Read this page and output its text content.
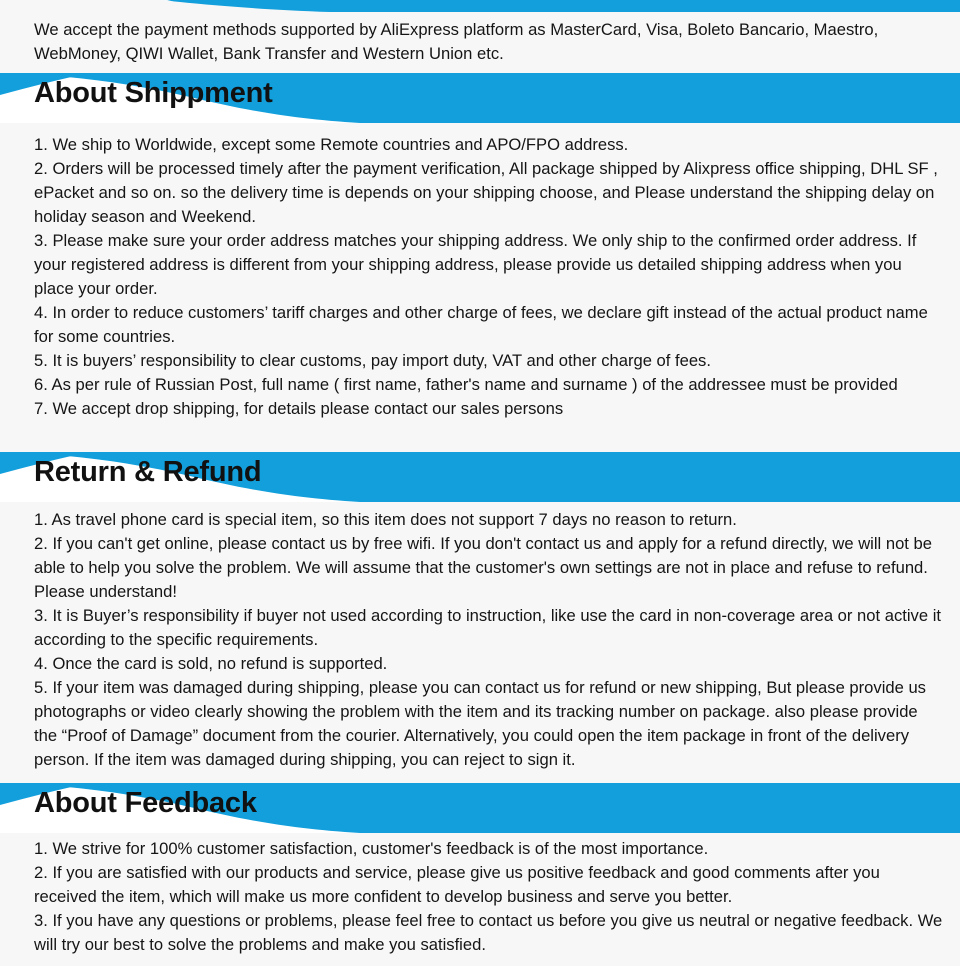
We accept the payment methods supported by AliExpress platform as MasterCard, Visa, Boleto Bancario, Maestro, WebMoney, QIWI Wallet, Bank Transfer and Western Union etc.

About Shippment

1. We ship to Worldwide, except some Remote countries and APO/FPO address.

2. Orders will be processed timely after the payment verification, All package shipped by Alixpress office shipping, DHL SF , ePacket and so on. so the delivery time is depends on your shipping choose, and Please understand the shipping delay on holiday season and Weekend.

3. Please make sure your order address matches your shipping address. We only ship to the confirmed order address. If your registered address is different from your shipping address, please provide us detailed shipping address when you place your order.

4. In order to reduce customers’ tariff charges and other charge of fees, we declare gift instead of the actual product name for some countries.

5. It is buyers’ responsibility to clear customs, pay import duty, VAT and other charge of fees.

6. As per rule of Russian Post, full name ( first name, father's name and surname ) of the addressee must be provided

7. We accept drop shipping, for details please contact our sales persons

Return & Refund

1. As travel phone card is special item, so this item does not support 7 days no reason to return.

2. If you can't get online, please contact us by free wifi. If you don't contact us and apply for a refund directly, we will not be able to help you solve the problem. We will assume that the customer's own settings are not in place and refuse to refund. Please understand!

3. It is Buyer’s responsibility if buyer not used according to instruction, like use the card in non-coverage area or not active it according to the specific requirements.

4. Once the card is sold, no refund is supported.

5. If your item was damaged during shipping, please you can contact us for refund or new shipping, But please provide us photographs or video clearly showing the problem with the item and its tracking number on package. also please provide the “Proof of Damage” document from the courier. Alternatively, you could open the item package in front of the delivery person. If the item was damaged during shipping, you can reject to sign it.

About Feedback

1. We strive for 100% customer satisfaction, customer's feedback is of the most importance.

2. If you are satisfied with our products and service, please give us positive feedback and good comments after you received the item, which will make us more confident to develop business and serve you better.

3. If you have any questions or problems, please feel free to contact us before you give us neutral or negative feedback. We will try our best to solve the problems and make you satisfied.
